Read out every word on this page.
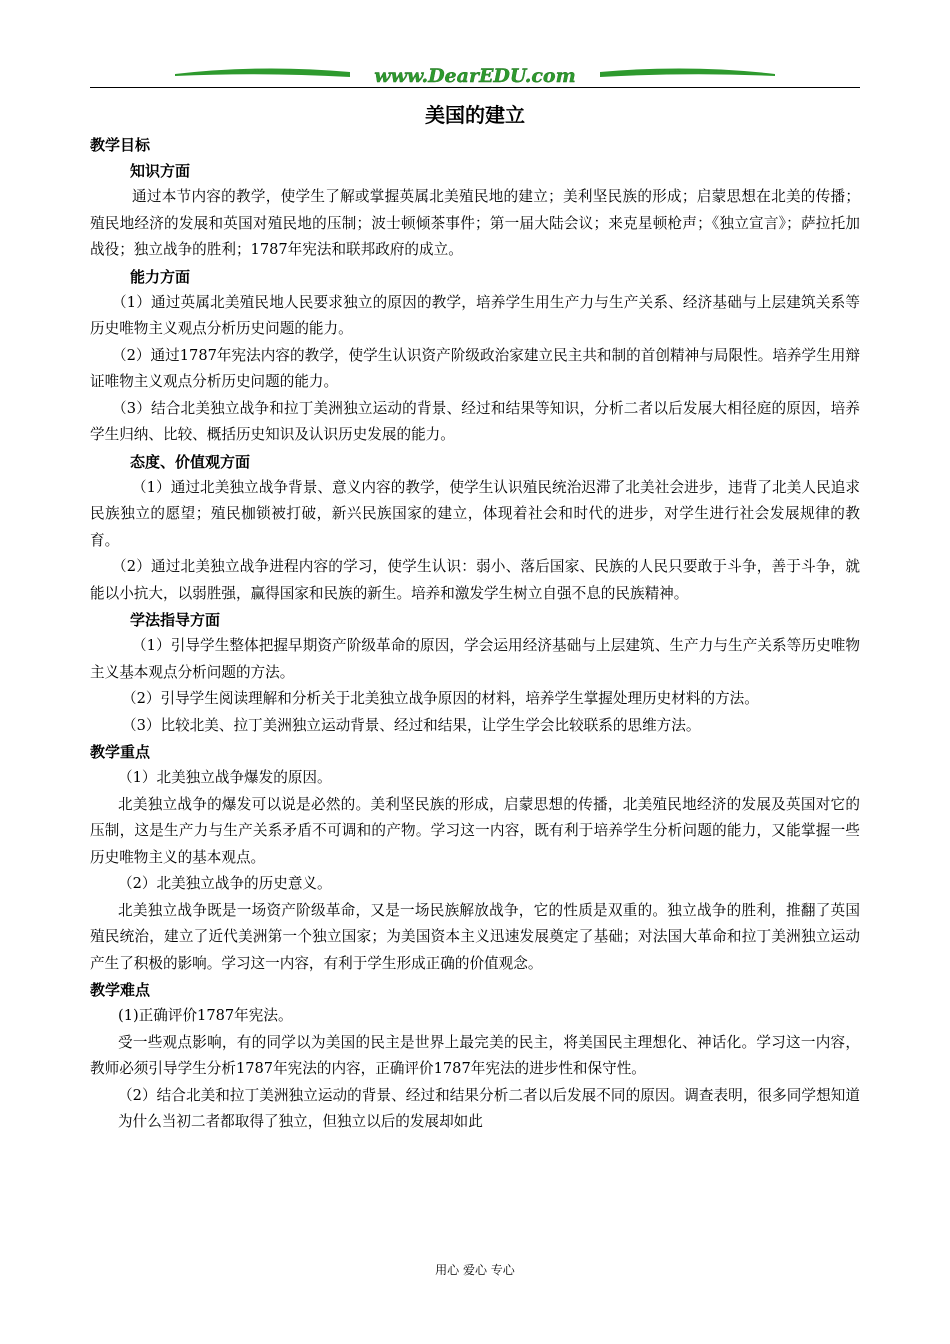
www.DearEDU.com
美国的建立
教学目标
知识方面

通过本节内容的教学，使学生了解或掌握英属北美殖民地的建立；美利坚民族的形成；启蒙思想在北美的传播；殖民地经济的发展和英国对殖民地的压制；波士顿倾茶事件；第一届大陆会议；来克星顿枪声；《独立宣言》；萨拉托加战役；独立战争的胜利；1787年宪法和联邦政府的成立。

能力方面

（1）通过英属北美殖民地人民要求独立的原因的教学，培养学生用生产力与生产关系、经济基础与上层建筑关系等历史唯物主义观点分析历史问题的能力。

（2）通过1787年宪法内容的教学，使学生认识资产阶级政治家建立民主共和制的首创精神与局限性。培养学生用辩证唯物主义观点分析历史问题的能力。

（3）结合北美独立战争和拉丁美洲独立运动的背景、经过和结果等知识，分析二者以后发展大相径庭的原因，培养学生归纳、比较、概括历史知识及认识历史发展的能力。

态度、价值观方面

（1）通过北美独立战争背景、意义内容的教学，使学生认识殖民统治迟滞了北美社会进步，违背了北美人民追求民族独立的愿望；殖民枷锁被打破，新兴民族国家的建立，体现着社会和时代的进步，对学生进行社会发展规律的教育。

（2）通过北美独立战争进程内容的学习，使学生认识：弱小、落后国家、民族的人民只要敢于斗争，善于斗争，就能以小抗大，以弱胜强，赢得国家和民族的新生。培养和激发学生树立自强不息的民族精神。

学法指导方面

（1）引导学生整体把握早期资产阶级革命的原因，学会运用经济基础与上层建筑、生产力与生产关系等历史唯物主义基本观点分析问题的方法。

（2）引导学生阅读理解和分析关于北美独立战争原因的材料，培养学生掌握处理历史材料的方法。

（3）比较北美、拉丁美洲独立运动背景、经过和结果，让学生学会比较联系的思维方法。

教学重点

（1）北美独立战争爆发的原因。

北美独立战争的爆发可以说是必然的。美利坚民族的形成，启蒙思想的传播，北美殖民地经济的发展及英国对它的压制，这是生产力与生产关系矛盾不可调和的产物。学习这一内容，既有利于培养学生分析问题的能力，又能掌握一些历史唯物主义的基本观点。

（2）北美独立战争的历史意义。

北美独立战争既是一场资产阶级革命，又是一场民族解放战争，它的性质是双重的。独立战争的胜利，推翻了英国殖民统治，建立了近代美洲第一个独立国家；为美国资本主义迅速发展奠定了基础；对法国大革命和拉丁美洲独立运动产生了积极的影响。学习这一内容，有利于学生形成正确的价值观念。

教学难点

(1)正确评价1787年宪法。

受一些观点影响，有的同学以为美国的民主是世界上最完美的民主，将美国民主理想化、神话化。学习这一内容，教师必须引导学生分析1787年宪法的内容，正确评价1787年宪法的进步性和保守性。

（2）结合北美和拉丁美洲独立运动的背景、经过和结果分析二者以后发展不同的原因。调查表明，很多同学想知道为什么当初二者都取得了独立，但独立以后的发展却如此

用心 爱心 专心
